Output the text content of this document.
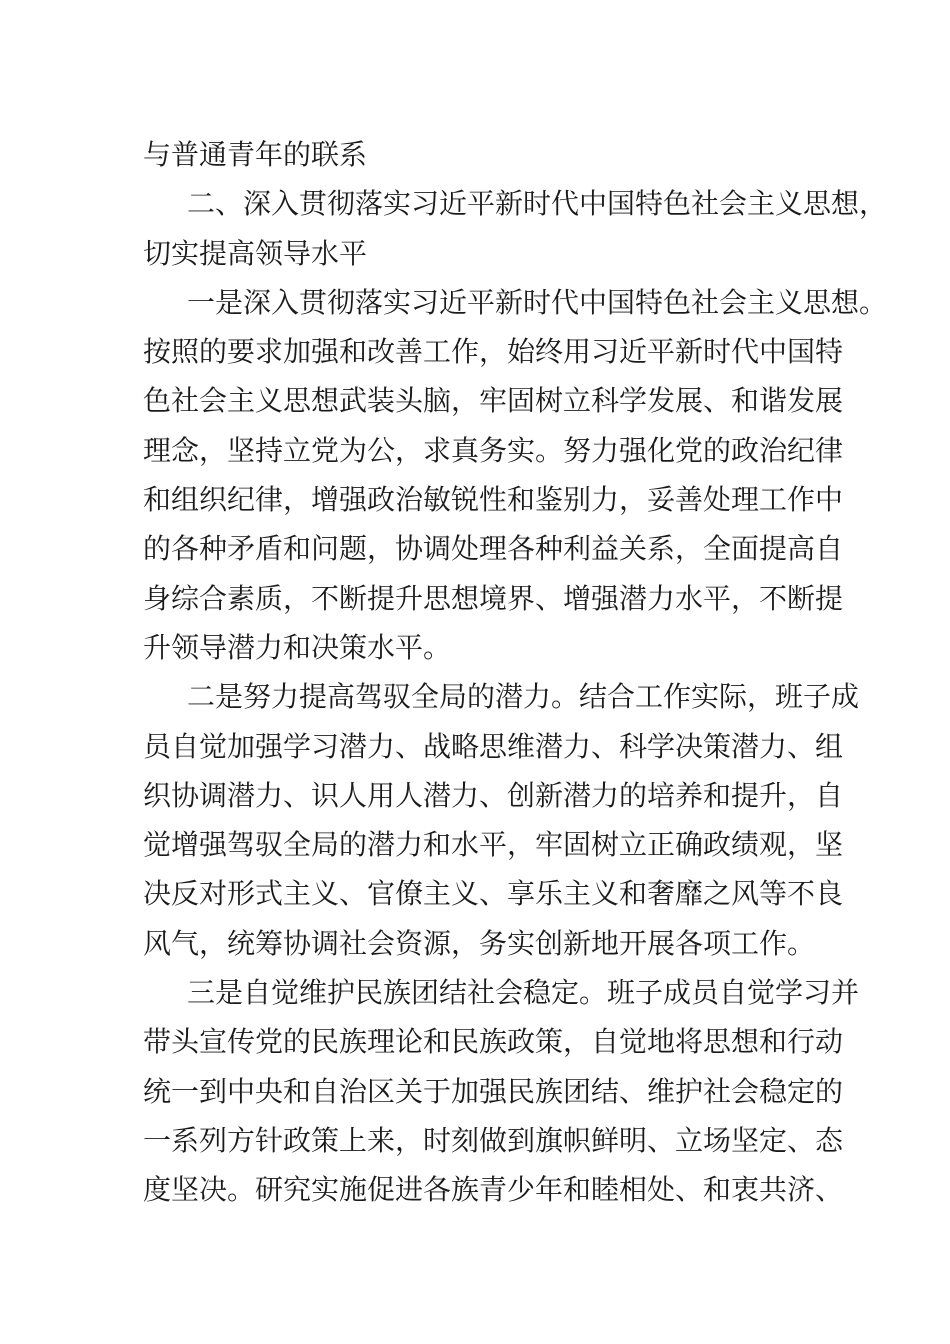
与普通青年的联系
二、深入贯彻落实习近平新时代中国特色社会主义思想，
切实提高领导水平
一是深入贯彻落实习近平新时代中国特色社会主义思想。
按照的要求加强和改善工作，始终用习近平新时代中国特
色社会主义思想武装头脑，牢固树立科学发展、和谐发展
理念，坚持立党为公，求真务实。努力强化党的政治纪律
和组织纪律，增强政治敏锐性和鉴别力，妥善处理工作中
的各种矛盾和问题，协调处理各种利益关系，全面提高自
身综合素质，不断提升思想境界、增强潜力水平，不断提
升领导潜力和决策水平。
二是努力提高驾驭全局的潜力。结合工作实际，班子成
员自觉加强学习潜力、战略思维潜力、科学决策潜力、组
织协调潜力、识人用人潜力、创新潜力的培养和提升，自
觉增强驾驭全局的潜力和水平，牢固树立正确政绩观，坚
决反对形式主义、官僚主义、享乐主义和奢靡之风等不良
风气，统筹协调社会资源，务实创新地开展各项工作。
三是自觉维护民族团结社会稳定。班子成员自觉学习并
带头宣传党的民族理论和民族政策，自觉地将思想和行动
统一到中央和自治区关于加强民族团结、维护社会稳定的
一系列方针政策上来，时刻做到旗帜鲜明、立场坚定、态
度坚决。研究实施促进各族青少年和睦相处、和衷共济、
